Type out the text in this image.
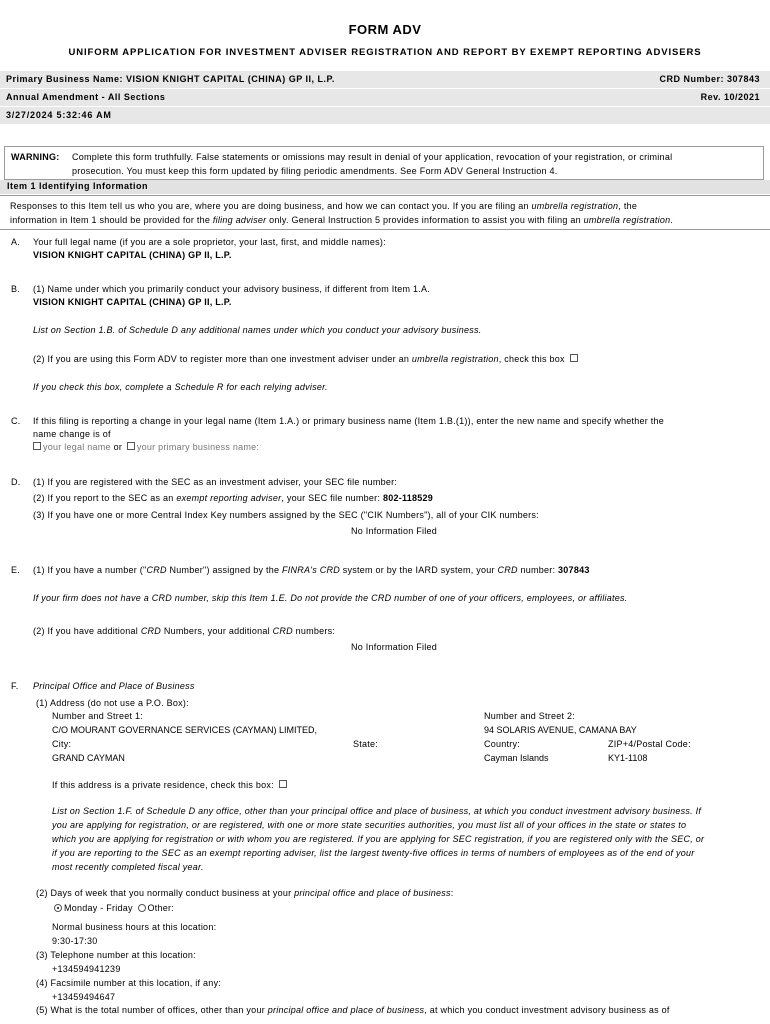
FORM ADV
UNIFORM APPLICATION FOR INVESTMENT ADVISER REGISTRATION AND REPORT BY EXEMPT REPORTING ADVISERS
Primary Business Name: VISION KNIGHT CAPITAL (CHINA) GP II, L.P.	CRD Number: 307843
Annual Amendment - All Sections	Rev. 10/2021
3/27/2024 5:32:46 AM
WARNING: Complete this form truthfully. False statements or omissions may result in denial of your application, revocation of your registration, or criminal
prosecution. You must keep this form updated by filing periodic amendments. See Form ADV General Instruction 4.
Item 1 Identifying Information
Responses to this Item tell us who you are, where you are doing business, and how we can contact you. If you are filing an umbrella registration, the
information in Item 1 should be provided for the filing adviser only. General Instruction 5 provides information to assist you with filing an umbrella registration.
A. Your full legal name (if you are a sole proprietor, your last, first, and middle names):
VISION KNIGHT CAPITAL (CHINA) GP II, L.P.
B. (1) Name under which you primarily conduct your advisory business, if different from Item 1.A.
VISION KNIGHT CAPITAL (CHINA) GP II, L.P.
List on Section 1.B. of Schedule D any additional names under which you conduct your advisory business.
(2) If you are using this Form ADV to register more than one investment adviser under an umbrella registration, check this box
If you check this box, complete a Schedule R for each relying adviser.
C. If this filing is reporting a change in your legal name (Item 1.A.) or primary business name (Item 1.B.(1)), enter the new name and specify whether the
name change is of
your legal name or your primary business name:
D. (1) If you are registered with the SEC as an investment adviser, your SEC file number:
(2) If you report to the SEC as an exempt reporting adviser, your SEC file number: 802-118529
(3) If you have one or more Central Index Key numbers assigned by the SEC ("CIK Numbers"), all of your CIK numbers:
No Information Filed
E. (1) If you have a number ("CRD Number") assigned by the FINRA's CRD system or by the IARD system, your CRD number: 307843
If your firm does not have a CRD number, skip this Item 1.E. Do not provide the CRD number of one of your officers, employees, or affiliates.
(2) If you have additional CRD Numbers, your additional CRD numbers:
No Information Filed
F. Principal Office and Place of Business
(1) Address (do not use a P.O. Box):
Number and Street 1:
C/O MOURANT GOVERNANCE SERVICES (CAYMAN) LIMITED,
City:
GRAND CAYMAN
State:
Number and Street 2:
94 SOLARIS AVENUE, CAMANA BAY
Country:
Cayman Islands
ZIP+4/Postal Code:
KY1-1108
If this address is a private residence, check this box:
List on Section 1.F. of Schedule D any office, other than your principal office and place of business, at which you conduct investment advisory business. If
you are applying for registration, or are registered, with one or more state securities authorities, you must list all of your offices in the state or states to
which you are applying for registration or with whom you are registered. If you are applying for SEC registration, if you are registered only with the SEC, or
if you are reporting to the SEC as an exempt reporting adviser, list the largest twenty-five offices in terms of numbers of employees as of the end of your
most recently completed fiscal year.
(2) Days of week that you normally conduct business at your principal office and place of business:
Monday - Friday Other:
Normal business hours at this location:
9:30-17:30
(3) Telephone number at this location:
+134594941239
(4) Facsimile number at this location, if any:
+13459494647
(5) What is the total number of offices, other than your principal office and place of business, at which you conduct investment advisory business as of
